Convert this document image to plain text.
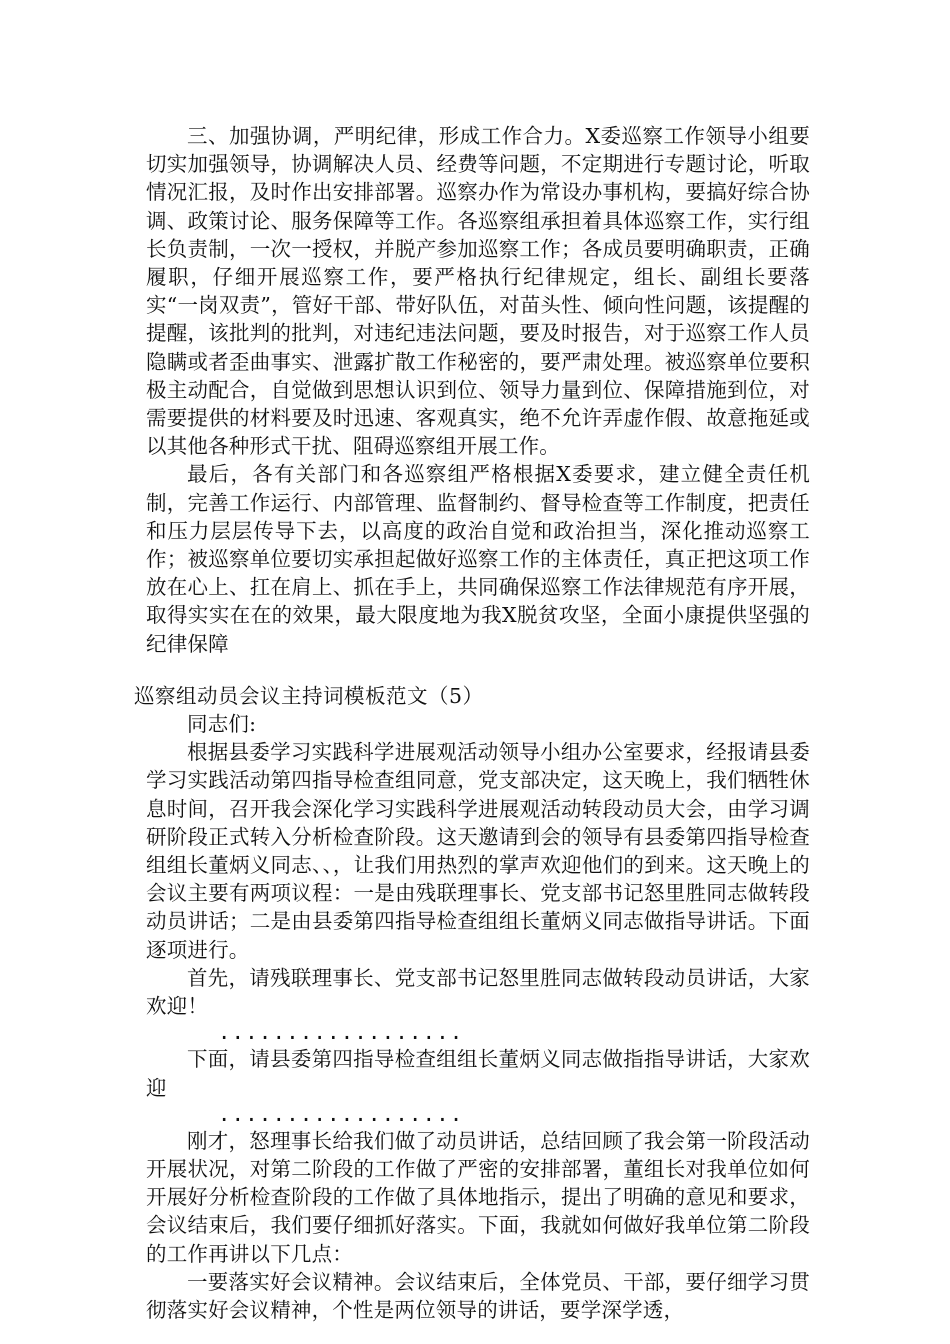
三、加强协调，严明纪律，形成工作合力。X委巡察工作领导小组要切实加强领导，协调解决人员、经费等问题，不定期进行专题讨论，听取情况汇报，及时作出安排部署。巡察办作为常设办事机构，要搞好综合协调、政策讨论、服务保障等工作。各巡察组承担着具体巡察工作，实行组长负责制，一次一授权，并脱产参加巡察工作；各成员要明确职责，正确履职，仔细开展巡察工作，要严格执行纪律规定，组长、副组长要落实“一岗双责”，管好干部、带好队伍，对苗头性、倾向性问题，该提醒的提醒，该批判的批判，对违纪违法问题，要及时报告，对于巡察工作人员隐瞒或者歪曲事实、泄露扩散工作秘密的，要严肃处理。被巡察单位要积极主动配合，自觉做到思想认识到位、领导力量到位、保障措施到位，对需要提供的材料要及时迅速、客观真实，绝不允许弄虚作假、故意拖延或以其他各种形式干扰、阻碍巡察组开展工作。

最后，各有关部门和各巡察组严格根据X委要求，建立健全责任机制，完善工作运行、内部管理、监督制约、督导检查等工作制度，把责任和压力层层传导下去，以高度的政治自觉和政治担当，深化推动巡察工作；被巡察单位要切实承担起做好巡察工作的主体责任，真正把这项工作放在心上、扛在肩上、抓在手上，共同确保巡察工作法律规范有序开展，取得实实在在的效果，最大限度地为我X脱贫攻坚，全面小康提供坚强的纪律保障

巡察组动员会议主持词模板范文（5）

同志们:

根据县委学习实践科学进展观活动领导小组办公室要求，经报请县委学习实践活动第四指导检查组同意，党支部决定，这天晚上，我们牺牲休息时间，召开我会深化学习实践科学进展观活动转段动员大会，由学习调研阶段正式转入分析检查阶段。这天邀请到会的领导有县委第四指导检查组组长董炳义同志、、，让我们用热烈的掌声欢迎他们的到来。这天晚上的会议主要有两项议程：一是由残联理事长、党支部书记怒里胜同志做转段动员讲话；二是由县委第四指导检查组组长董炳义同志做指导讲话。下面逐项进行。

首先，请残联理事长、党支部书记怒里胜同志做转段动员讲话，大家欢迎！

..................

下面，请县委第四指导检查组组长董炳义同志做指指导讲话，大家欢迎

..................

刚才，怒理事长给我们做了动员讲话，总结回顾了我会第一阶段活动开展状况，对第二阶段的工作做了严密的安排部署，董组长对我单位如何开展好分析检查阶段的工作做了具体地指示，提出了明确的意见和要求，会议结束后，我们要仔细抓好落实。下面，我就如何做好我单位第二阶段的工作再讲以下几点：

一要落实好会议精神。会议结束后，全体党员、干部，要仔细学习贯彻落实好会议精神，个性是两位领导的讲话，要学深学透，
